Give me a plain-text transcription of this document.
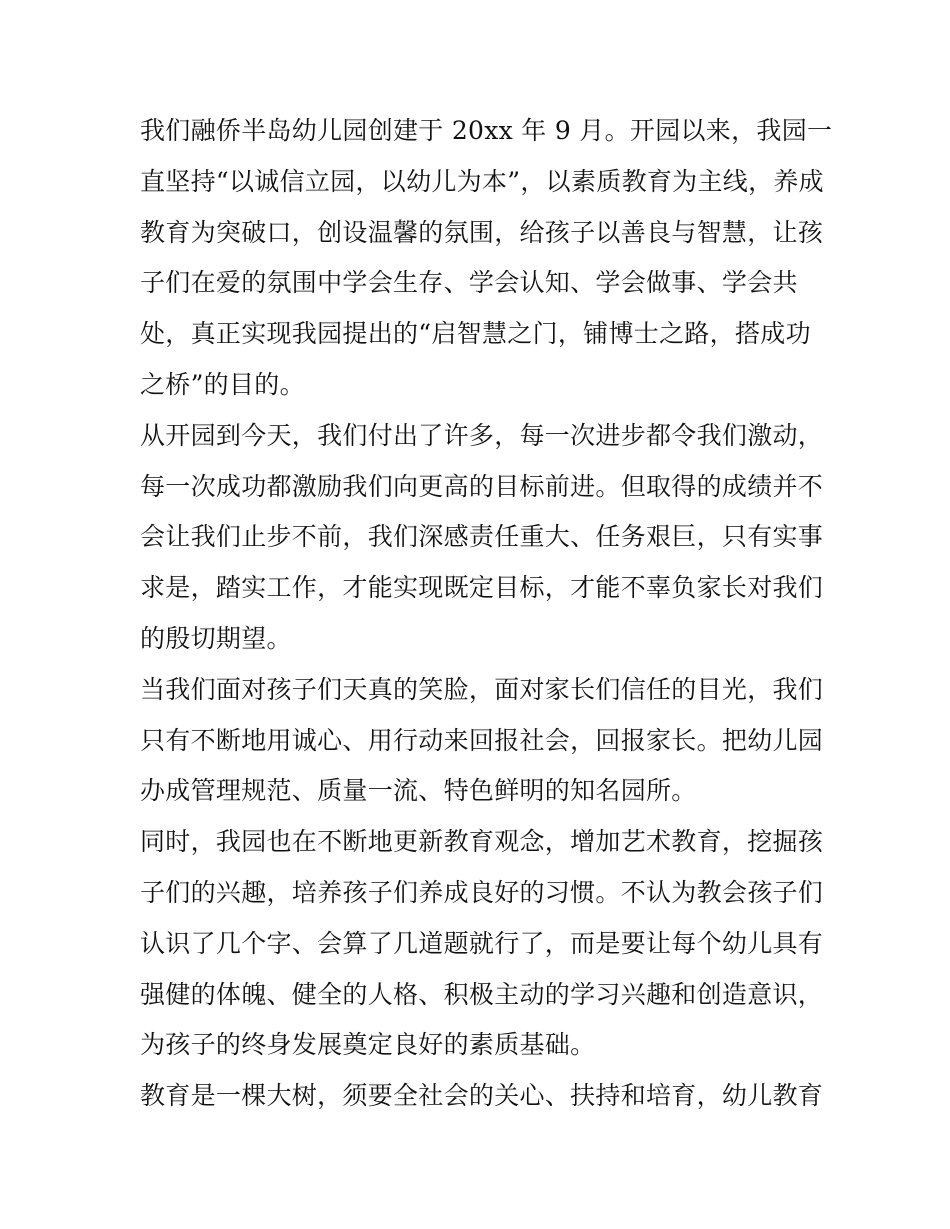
我们融侨半岛幼儿园创建于 20xx 年 9 月。开园以来，我园一
直坚持“以诚信立园，以幼儿为本”，以素质教育为主线，养成
教育为突破口，创设温馨的氛围，给孩子以善良与智慧，让孩
子们在爱的氛围中学会生存、学会认知、学会做事、学会共
处，真正实现我园提出的“启智慧之门，铺博士之路，搭成功
之桥”的目的。
从开园到今天，我们付出了许多，每一次进步都令我们激动，
每一次成功都激励我们向更高的目标前进。但取得的成绩并不
会让我们止步不前，我们深感责任重大、任务艰巨，只有实事
求是，踏实工作，才能实现既定目标，才能不辜负家长对我们
的殷切期望。
当我们面对孩子们天真的笑脸，面对家长们信任的目光，我们
只有不断地用诚心、用行动来回报社会，回报家长。把幼儿园
办成管理规范、质量一流、特色鲜明的知名园所。
同时，我园也在不断地更新教育观念，增加艺术教育，挖掘孩
子们的兴趣，培养孩子们养成良好的习惯。不认为教会孩子们
认识了几个字、会算了几道题就行了，而是要让每个幼儿具有
强健的体魄、健全的人格、积极主动的学习兴趣和创造意识，
为孩子的终身发展奠定良好的素质基础。
教育是一棵大树，须要全社会的关心、扶持和培育，幼儿教育
